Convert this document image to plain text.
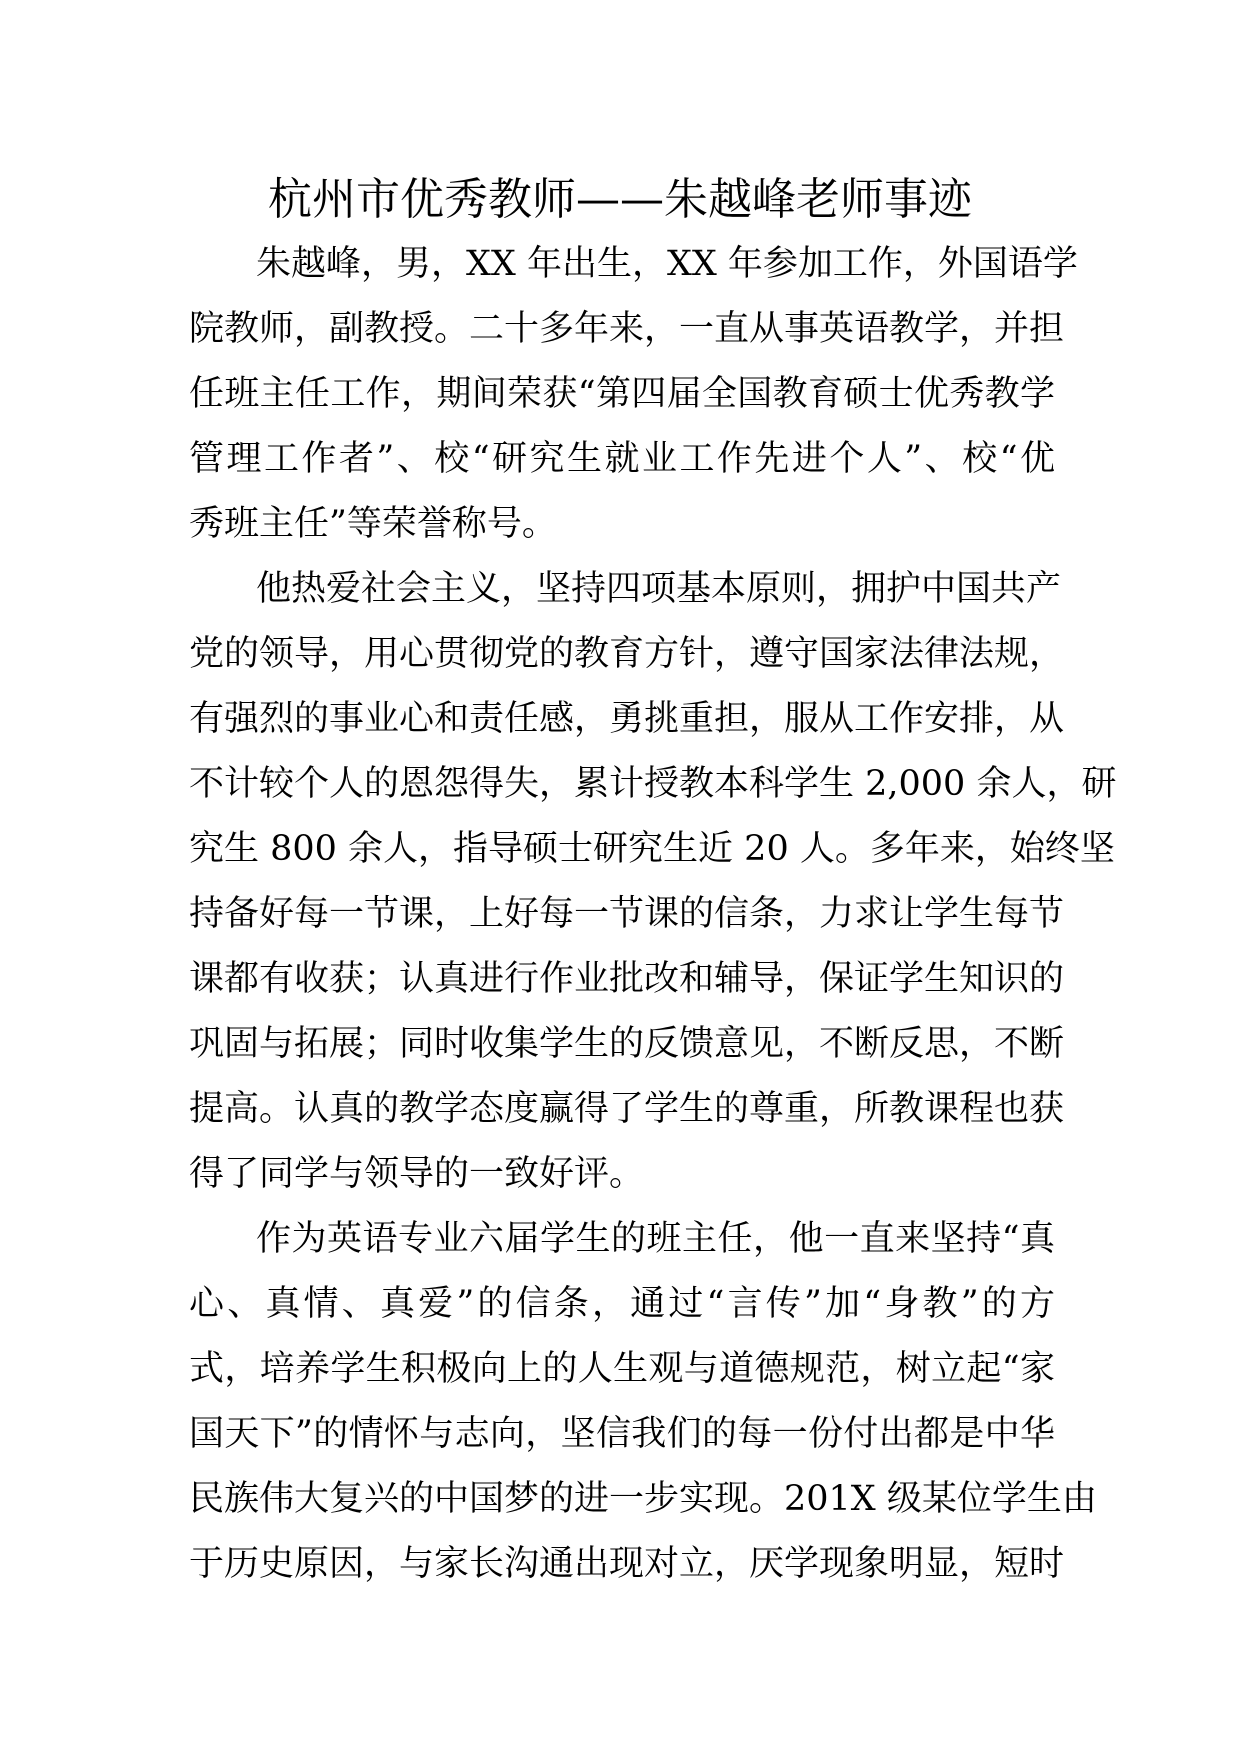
杭州市优秀教师——朱越峰老师事迹
朱越峰，男，XX 年出生，XX 年参加工作，外国语学
院教师，副教授。二十多年来，一直从事英语教学，并担
任班主任工作，期间荣获“第四届全国教育硕士优秀教学
管理工作者”、校“研究生就业工作先进个人”、校“优
秀班主任”等荣誉称号。
他热爱社会主义，坚持四项基本原则，拥护中国共产
党的领导，用心贯彻党的教育方针，遵守国家法律法规，
有强烈的事业心和责任感，勇挑重担，服从工作安排，从
不计较个人的恩怨得失，累计授教本科学生 2,000 余人，研
究生 800 余人，指导硕士研究生近 20 人。多年来，始终坚
持备好每一节课，上好每一节课的信条，力求让学生每节
课都有收获；认真进行作业批改和辅导，保证学生知识的
巩固与拓展；同时收集学生的反馈意见，不断反思，不断
提高。认真的教学态度赢得了学生的尊重，所教课程也获
得了同学与领导的一致好评。
作为英语专业六届学生的班主任，他一直来坚持“真
心、真情、真爱”的信条，通过“言传”加“身教”的方
式，培养学生积极向上的人生观与道德规范，树立起“家
国天下”的情怀与志向，坚信我们的每一份付出都是中华
民族伟大复兴的中国梦的进一步实现。201X 级某位学生由
于历史原因，与家长沟通出现对立，厌学现象明显，短时
